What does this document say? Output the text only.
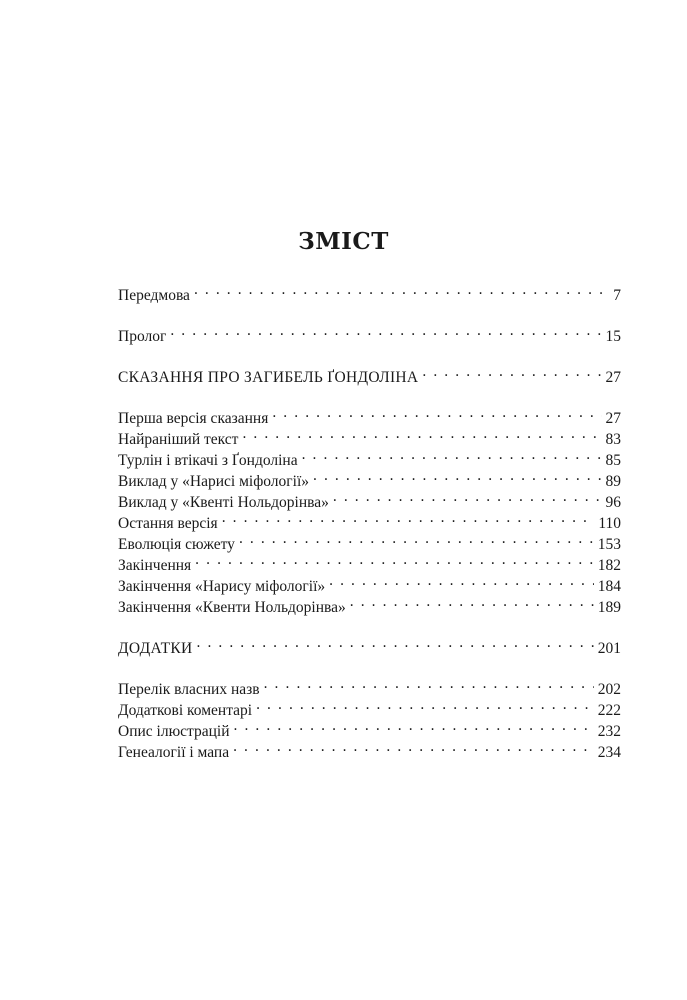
ЗМІСТ
Передмова . . .	7
Пролог . . .	15
СКАЗАННЯ ПРО ЗАГИБЕЛЬ ҐОНДОЛІНА . . .	27
Перша версія сказання . . .	27
Найраніший текст . . .	83
Турлін і втікачі з Ґондоліна . . .	85
Виклад у «Нарисі міфології» . . .	89
Виклад у «Квенті Нольдорінва» . . .	96
Остання версія . . .	110
Еволюція сюжету . . .	153
Закінчення . . .	182
Закінчення «Нарису міфології» . . .	184
Закінчення «Квенти Нольдорінва» . . .	189
ДОДАТКИ . . .	201
Перелік власних назв . . .	202
Додаткові коментарі . . .	222
Опис ілюстрацій . . .	232
Генеалогії і мапа . . .	234
